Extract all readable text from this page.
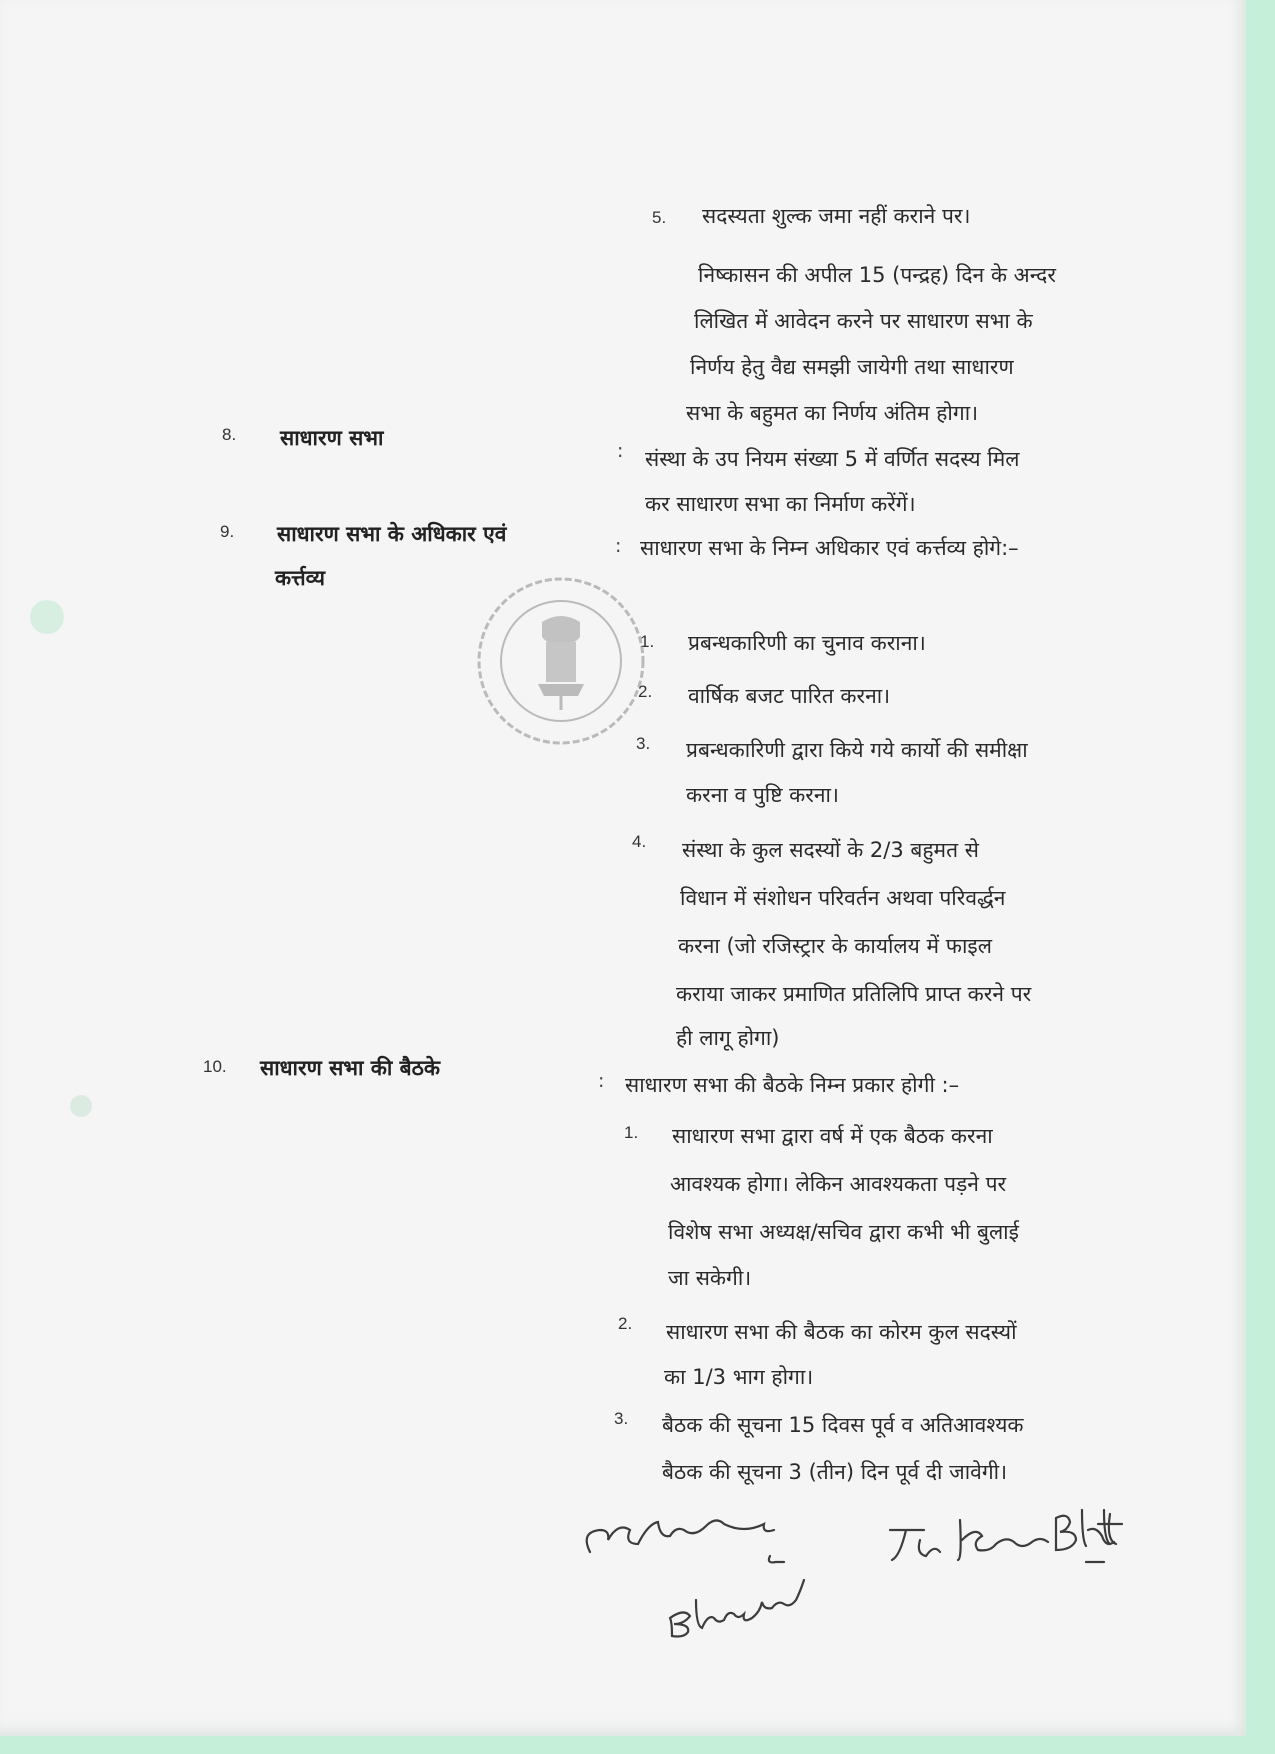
5. सदस्यता शुल्क जमा नहीं कराने पर।
निष्कासन की अपील 15 (पन्द्रह) दिन के अन्दर
लिखित में आवेदन करने पर साधारण सभा के
निर्णय हेतु वैद्य समझी जायेगी तथा साधारण
सभा के बहुमत का निर्णय अंतिम होगा।
8. साधारण सभा
: संस्था के उप नियम संख्या 5 में वर्णित सदस्य मिल
कर साधारण सभा का निर्माण करेंगें।
9. साधारण सभा के अधिकार एवं
कर्त्तव्य
: साधारण सभा के निम्न अधिकार एवं कर्त्तव्य होगे:–
1. प्रबन्धकारिणी का चुनाव कराना।
2. वार्षिक बजट पारित करना।
3. प्रबन्धकारिणी द्वारा किये गये कार्यो की समीक्षा
करना व पुष्टि करना।
4. संस्था के कुल सदस्यों के 2/3 बहुमत से
विधान में संशोधन परिवर्तन अथवा परिवर्द्धन
करना (जो रजिस्ट्रार के कार्यालय में फाइल
कराया जाकर प्रमाणित प्रतिलिपि प्राप्त करने पर
ही लागू होगा)
10. साधारण सभा की बैठके
: साधारण सभा की बैठके निम्न प्रकार होगी :–
1. साधारण सभा द्वारा वर्ष में एक बैठक करना
आवश्यक होगा। लेकिन आवश्यकता पड़ने पर
विशेष सभा अध्यक्ष/सचिव द्वारा कभी भी बुलाई
जा सकेगी।
2. साधारण सभा की बैठक का कोरम कुल सदस्यों
का 1/3 भाग होगा।
3. बैठक की सूचना 15 दिवस पूर्व व अतिआवश्यक
बैठक की सूचना 3 (तीन) दिन पूर्व दी जावेगी।
